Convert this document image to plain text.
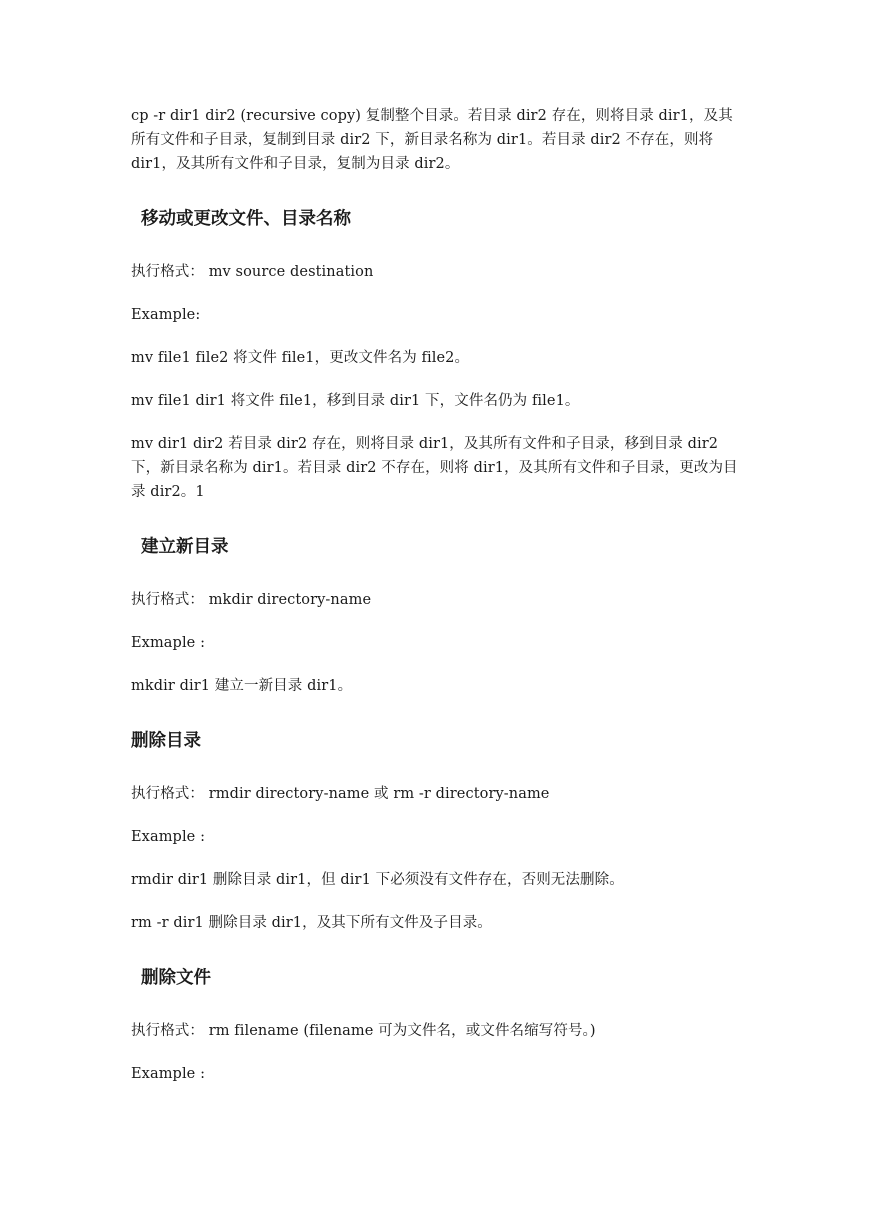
cp -r dir1 dir2 (recursive copy) 复制整个目录。若目录 dir2 存在，则将目录 dir1，及其所有文件和子目录，复制到目录 dir2 下，新目录名称为 dir1。若目录 dir2 不存在，则将 dir1，及其所有文件和子目录，复制为目录 dir2。

移动或更改文件、目录名称

执行格式： mv source destination

Example:

mv file1 file2 将文件 file1，更改文件名为 file2。

mv file1 dir1 将文件 file1，移到目录 dir1 下，文件名仍为 file1。

mv dir1 dir2 若目录 dir2 存在，则将目录 dir1，及其所有文件和子目录，移到目录 dir2 下，新目录名称为 dir1。若目录 dir2 不存在，则将 dir1，及其所有文件和子目录，更改为目录 dir2。1

建立新目录

执行格式： mkdir directory-name

Exmaple :

mkdir dir1 建立一新目录 dir1。

删除目录

执行格式： rmdir directory-name 或 rm -r directory-name

Example :

rmdir dir1 删除目录 dir1，但 dir1 下必须没有文件存在，否则无法删除。

rm -r dir1 删除目录 dir1，及其下所有文件及子目录。

删除文件

执行格式： rm filename (filename 可为文件名，或文件名缩写符号。)

Example :
